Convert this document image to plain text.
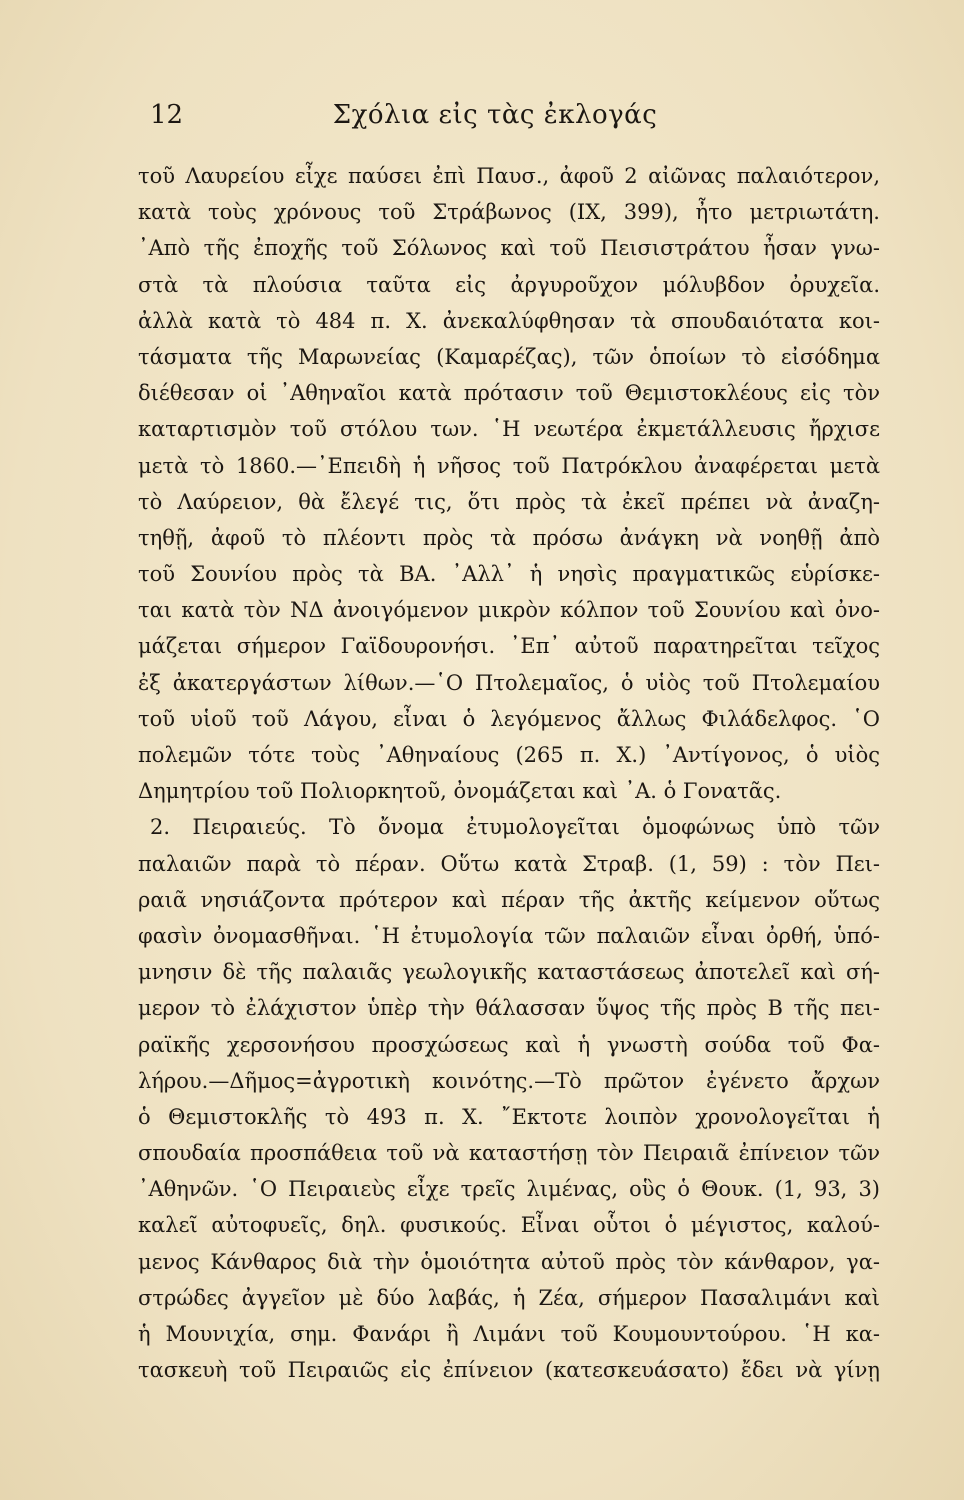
12	Σχόλια εἰς τὰς ἐκλογάς
τοῦ Λαυρείου εἶχε παύσει ἐπὶ Παυσ., ἀφοῦ 2 αἰῶνας παλαιότερον,
κατὰ τοὺς χρόνους τοῦ Στράβωνος (IX, 399), ἦτο μετριωτάτη.
᾿Απὸ τῆς ἐποχῆς τοῦ Σόλωνος καὶ τοῦ Πεισιστράτου ἦσαν γνω-
στὰ τὰ πλούσια ταῦτα εἰς ἀργυροῦχον μόλυβδον ὀρυχεῖα.
ἀλλὰ κατὰ τὸ 484 π. Χ. ἀνεκαλύφθησαν τὰ σπουδαιότατα κοι-
τάσματα τῆς Μαρωνείας (Καμαρέζας), τῶν ὁποίων τὸ εἰσόδημα
διέθεσαν οἱ ᾿Αθηναῖοι κατὰ πρότασιν τοῦ Θεμιστοκλέους εἰς τὸν
καταρτισμὸν τοῦ στόλου των. ῾Η νεωτέρα ἐκμετάλλευσις ἤρχισε
μετὰ τὸ 1860.—᾿Επειδὴ ἡ νῆσος τοῦ Πατρόκλου ἀναφέρεται μετὰ
τὸ Λαύρειον, θὰ ἔλεγέ τις, ὅτι πρὸς τὰ ἐκεῖ πρέπει νὰ ἀναζη-
τηθῇ, ἀφοῦ τὸ πλέοντι πρὸς τὰ πρόσω ἀνάγκη νὰ νοηθῇ ἀπὸ
τοῦ Σουνίου πρὸς τὰ ΒΑ. ᾿Αλλ᾿ ἡ νησὶς πραγματικῶς εὑρίσκε-
ται κατὰ τὸν ΝΔ ἀνοιγόμενον μικρὸν κόλπον τοῦ Σουνίου καὶ ὀνο-
μάζεται σήμερον Γαϊδουρονήσι. ᾿Επ᾿ αὐτοῦ παρατηρεῖται τεῖχος
ἐξ ἀκατεργάστων λίθων.—῾Ο Πτολεμαῖος, ὁ υἱὸς τοῦ Πτολεμαίου
τοῦ υἱοῦ τοῦ Λάγου, εἶναι ὁ λεγόμενος ἄλλως Φιλάδελφος. ῾Ο
πολεμῶν τότε τοὺς ᾿Αθηναίους (265 π. Χ.) ᾿Αντίγονος, ὁ υἱὸς
Δημητρίου τοῦ Πολιορκητοῦ, ὀνομάζεται καὶ ᾿Α. ὁ Γονατᾶς.
2. Πειραιεύς. Τὸ ὄνομα ἐτυμολογεῖται ὁμοφώνως ὑπὸ τῶν
παλαιῶν παρὰ τὸ πέραν. Οὕτω κατὰ Στραβ. (1, 59) : τὸν Πει-
ραιᾶ νησιάζοντα πρότερον καὶ πέραν τῆς ἀκτῆς κείμενον οὕτως
φασὶν ὀνομασθῆναι. ῾Η ἐτυμολογία τῶν παλαιῶν εἶναι ὀρθή, ὑπό-
μνησιν δὲ τῆς παλαιᾶς γεωλογικῆς καταστάσεως ἀποτελεῖ καὶ σή-
μερον τὸ ἐλάχιστον ὑπὲρ τὴν θάλασσαν ὕψος τῆς πρὸς Β τῆς πει-
ραϊκῆς χερσονήσου προσχώσεως καὶ ἡ γνωστὴ σούδα τοῦ Φα-
λήρου.—Δῆμος=ἀγροτικὴ κοινότης.—Τὸ πρῶτον ἐγένετο ἄρχων
ὁ Θεμιστοκλῆς τὸ 493 π. Χ. ῎Εκτοτε λοιπὸν χρονολογεῖται ἡ
σπουδαία προσπάθεια τοῦ νὰ καταστήσῃ τὸν Πειραιᾶ ἐπίνειον τῶν
᾿Αθηνῶν. ῾Ο Πειραιεὺς εἶχε τρεῖς λιμένας, οὓς ὁ Θουκ. (1, 93, 3)
καλεῖ αὐτοφυεῖς, δηλ. φυσικούς. Εἶναι οὗτοι ὁ μέγιστος, καλού-
μενος Κάνθαρος διὰ τὴν ὁμοιότητα αὐτοῦ πρὸς τὸν κάνθαρον, γα-
στρώδες ἀγγεῖον μὲ δύο λαβάς, ἡ Ζέα, σήμερον Πασαλιμάνι καὶ
ἡ Μουνιχία, σημ. Φανάρι ἢ Λιμάνι τοῦ Κουμουντούρου. ῾Η κα-
τασκευὴ τοῦ Πειραιῶς εἰς ἐπίνειον (κατεσκευάσατο) ἔδει νὰ γίνῃ
